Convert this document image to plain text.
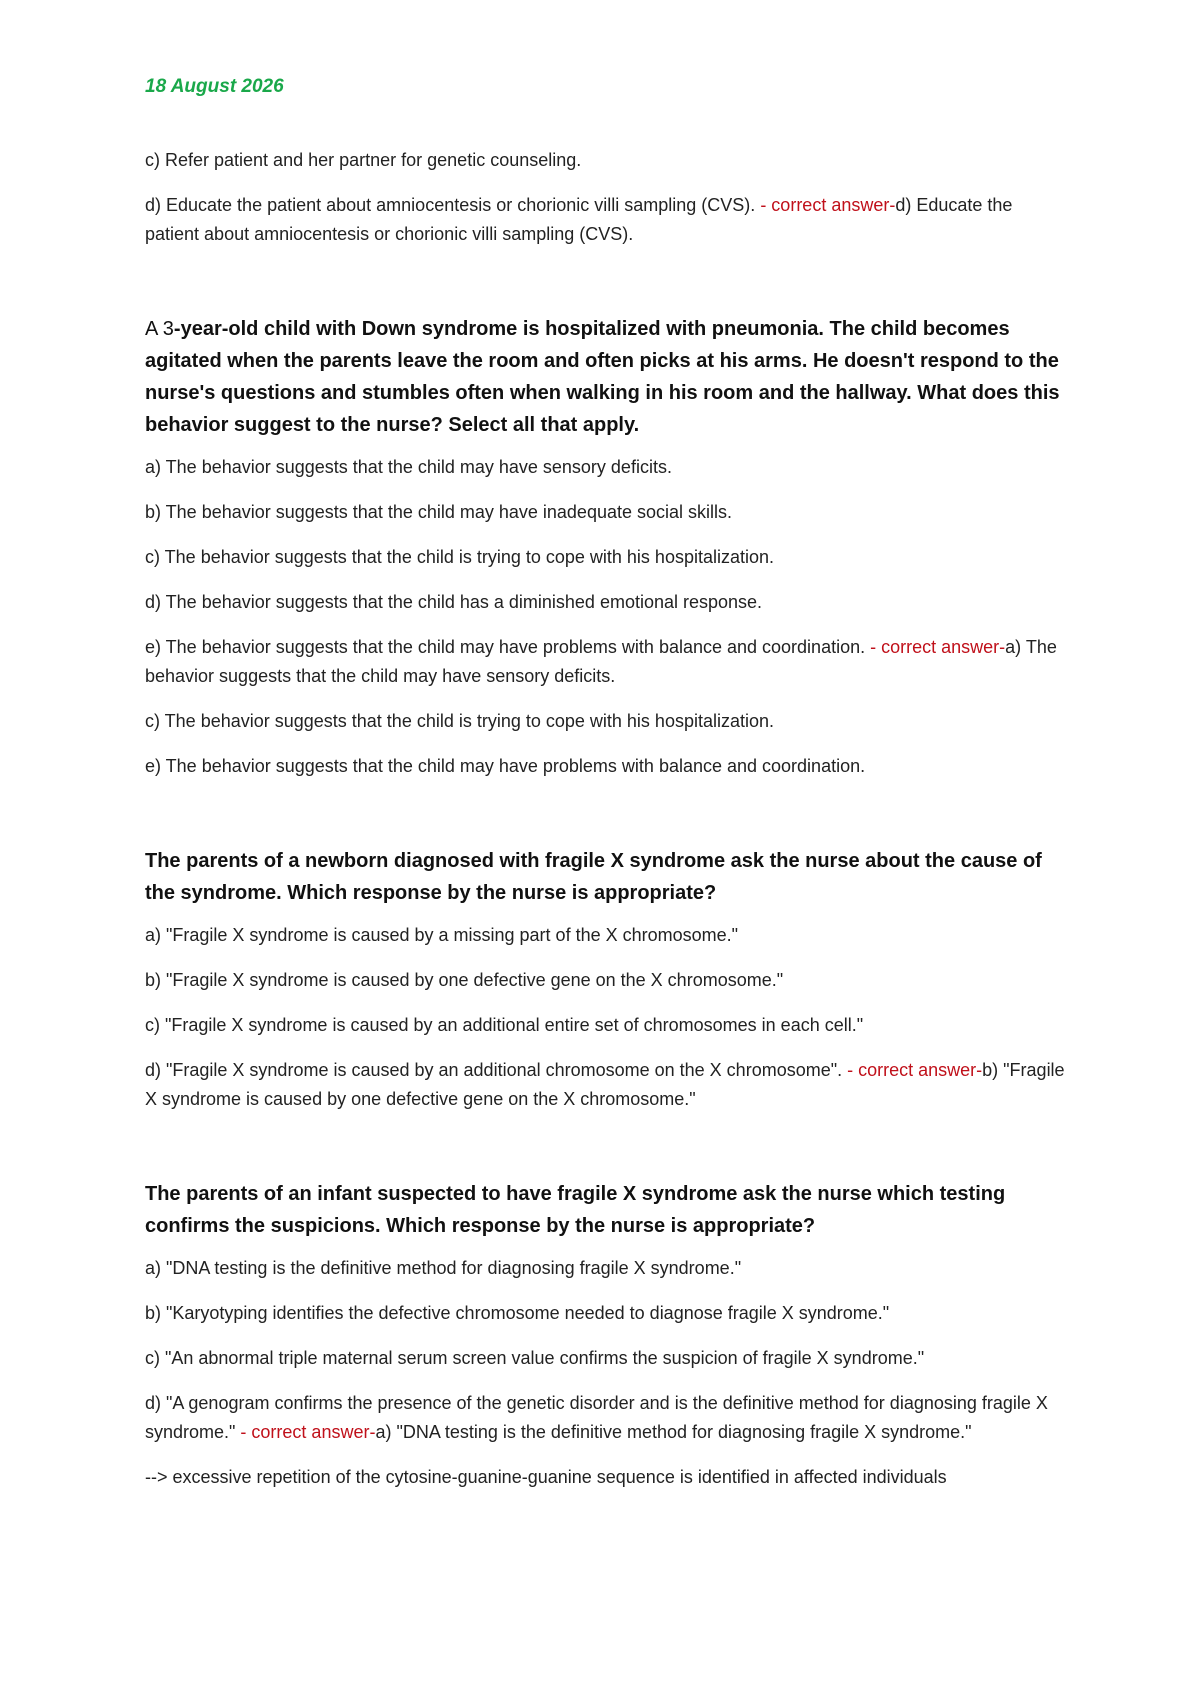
18 August 2026

c) Refer patient and her partner for genetic counseling.

d) Educate the patient about amniocentesis or chorionic villi sampling (CVS). - correct answer-d) Educate the patient about amniocentesis or chorionic villi sampling (CVS).

A 3-year-old child with Down syndrome is hospitalized with pneumonia. The child becomes agitated when the parents leave the room and often picks at his arms. He doesn't respond to the nurse's questions and stumbles often when walking in his room and the hallway. What does this behavior suggest to the nurse? Select all that apply.

a) The behavior suggests that the child may have sensory deficits.

b) The behavior suggests that the child may have inadequate social skills.

c) The behavior suggests that the child is trying to cope with his hospitalization.

d) The behavior suggests that the child has a diminished emotional response.

e) The behavior suggests that the child may have problems with balance and coordination. - correct answer-a) The behavior suggests that the child may have sensory deficits.

c) The behavior suggests that the child is trying to cope with his hospitalization.

e) The behavior suggests that the child may have problems with balance and coordination.

The parents of a newborn diagnosed with fragile X syndrome ask the nurse about the cause of the syndrome. Which response by the nurse is appropriate?

a) "Fragile X syndrome is caused by a missing part of the X chromosome."

b) "Fragile X syndrome is caused by one defective gene on the X chromosome."

c) "Fragile X syndrome is caused by an additional entire set of chromosomes in each cell."

d) "Fragile X syndrome is caused by an additional chromosome on the X chromosome". - correct answer-b) "Fragile X syndrome is caused by one defective gene on the X chromosome."

The parents of an infant suspected to have fragile X syndrome ask the nurse which testing confirms the suspicions. Which response by the nurse is appropriate?

a) "DNA testing is the definitive method for diagnosing fragile X syndrome."

b) "Karyotyping identifies the defective chromosome needed to diagnose fragile X syndrome."

c) "An abnormal triple maternal serum screen value confirms the suspicion of fragile X syndrome."

d) "A genogram confirms the presence of the genetic disorder and is the definitive method for diagnosing fragile X syndrome." - correct answer-a) "DNA testing is the definitive method for diagnosing fragile X syndrome."

--> excessive repetition of the cytosine-guanine-guanine sequence is identified in affected individuals
